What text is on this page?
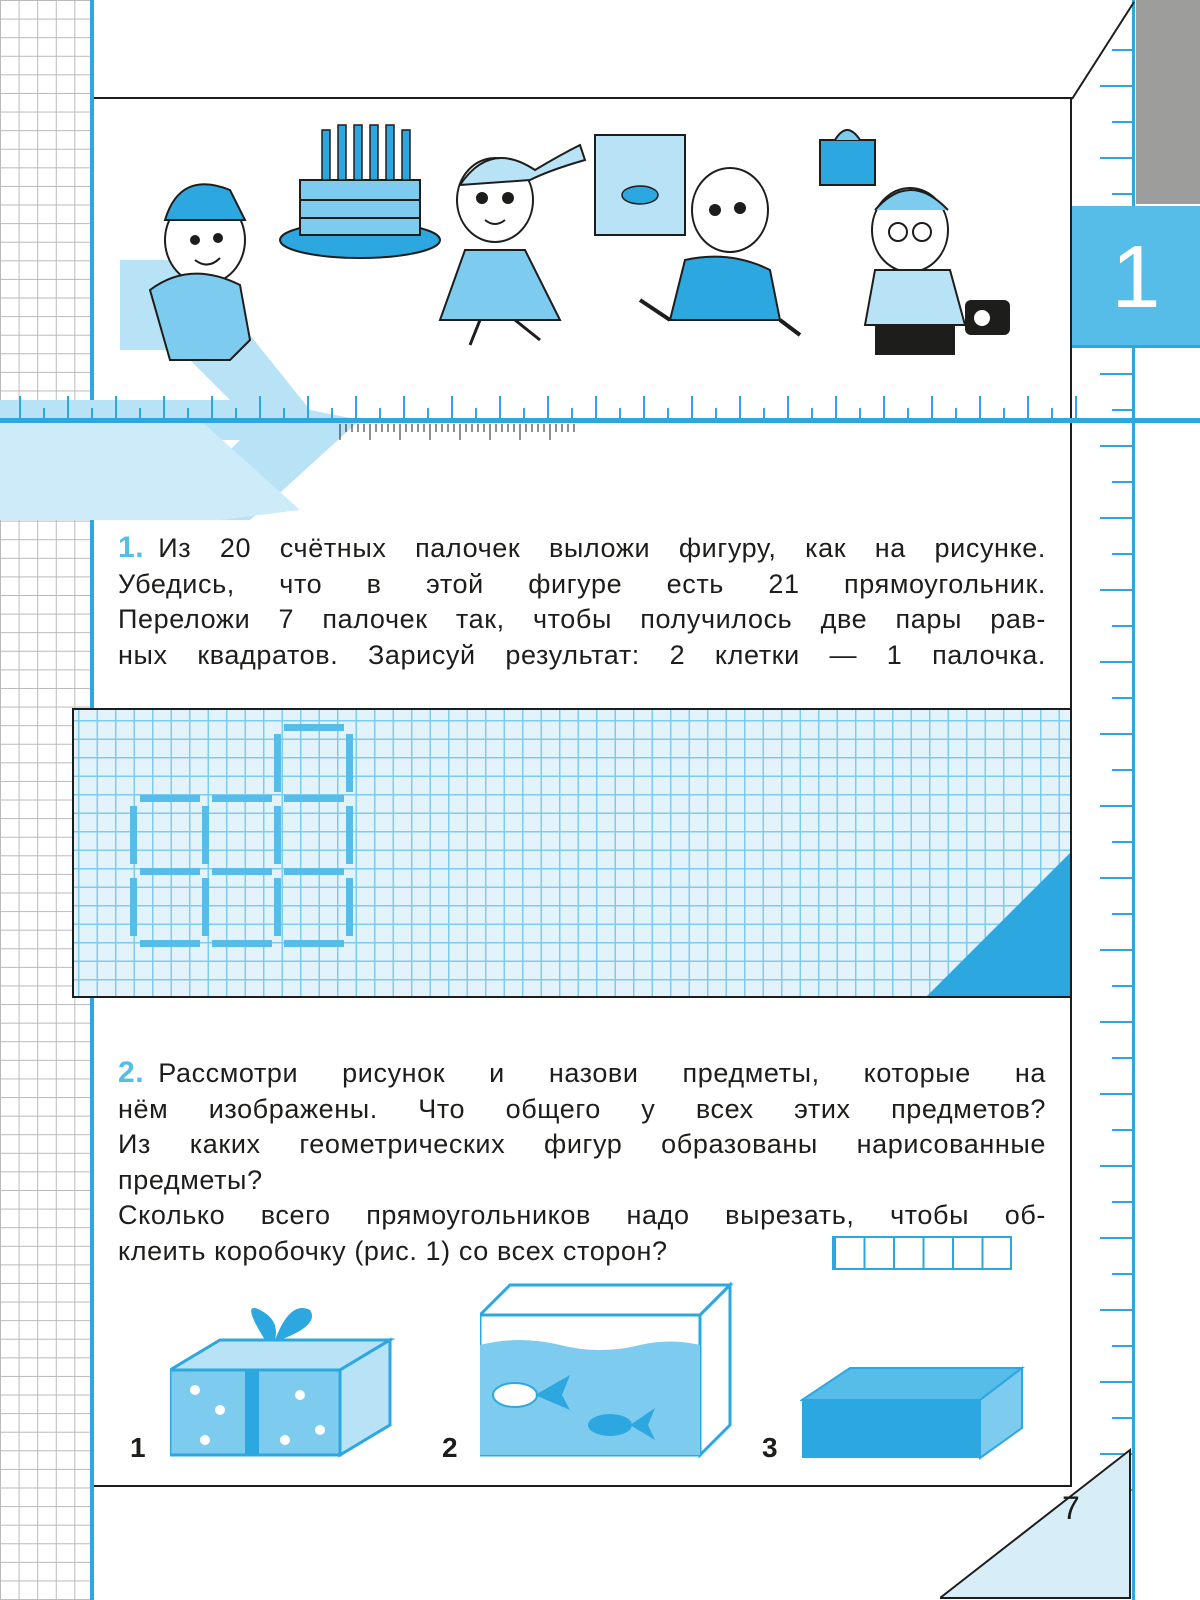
1
1. Из 20 счётных палочек выложи фигуру, как на рисунке.
Убедись, что в этой фигуре есть 21 прямоугольник.
Переложи 7 палочек так, чтобы получилось две пары рав-
ных квадратов. Зарисуй результат: 2 клетки — 1 палочка.
2. Рассмотри рисунок и назови предметы, которые на
нём изображены. Что общего у всех этих предметов?
Из каких геометрических фигур образованы нарисованные
предметы?
Сколько всего прямоугольников надо вырезать, чтобы об-
клеить коробочку (рис. 1) со всех сторон?
1	2	3
7
